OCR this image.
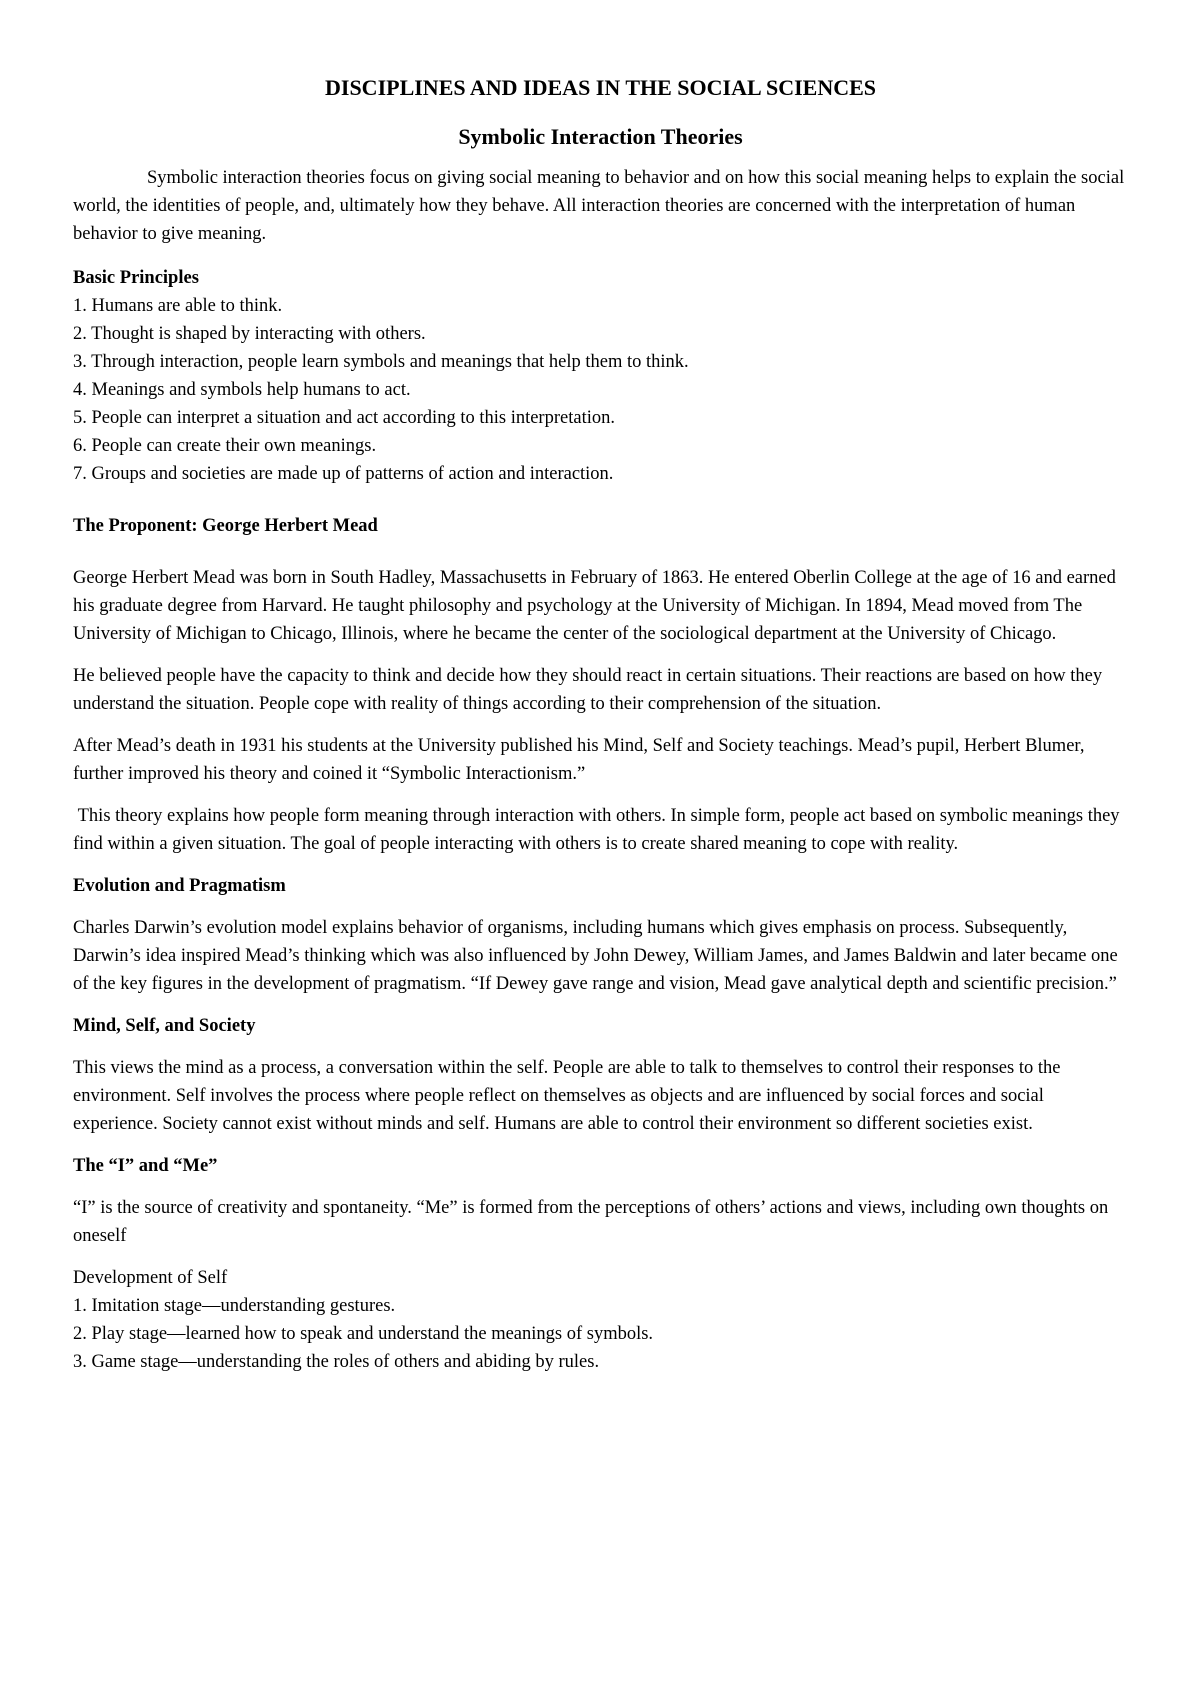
DISCIPLINES AND IDEAS IN THE SOCIAL SCIENCES
Symbolic Interaction Theories

Symbolic interaction theories focus on giving social meaning to behavior and on how this social meaning helps to explain the social world, the identities of people, and, ultimately how they behave. All interaction theories are concerned with the interpretation of human behavior to give meaning.

Basic Principles
1. Humans are able to think.
2. Thought is shaped by interacting with others.
3. Through interaction, people learn symbols and meanings that help them to think.
4. Meanings and symbols help humans to act.
5. People can interpret a situation and act according to this interpretation.
6. People can create their own meanings.
7. Groups and societies are made up of patterns of action and interaction.
The Proponent: George Herbert Mead

George Herbert Mead was born in South Hadley, Massachusetts in February of 1863. He entered Oberlin College at the age of 16 and earned his graduate degree from Harvard. He taught philosophy and psychology at the University of Michigan. In 1894, Mead moved from The University of Michigan to Chicago, Illinois, where he became the center of the sociological department at the University of Chicago.

He believed people have the capacity to think and decide how they should react in certain situations. Their reactions are based on how they understand the situation. People cope with reality of things according to their comprehension of the situation.

After Mead’s death in 1931 his students at the University published his Mind, Self and Society teachings. Mead’s pupil, Herbert Blumer, further improved his theory and coined it “Symbolic Interactionism.”

This theory explains how people form meaning through interaction with others. In simple form, people act based on symbolic meanings they find within a given situation. The goal of people interacting with others is to create shared meaning to cope with reality.

Evolution and Pragmatism

Charles Darwin’s evolution model explains behavior of organisms, including humans which gives emphasis on process. Subsequently, Darwin’s idea inspired Mead’s thinking which was also influenced by John Dewey, William James, and James Baldwin and later became one of the key figures in the development of pragmatism. “If Dewey gave range and vision, Mead gave analytical depth and scientific precision.”

Mind, Self, and Society

This views the mind as a process, a conversation within the self. People are able to talk to themselves to control their responses to the environment. Self involves the process where people reflect on themselves as objects and are influenced by social forces and social experience. Society cannot exist without minds and self. Humans are able to control their environment so different societies exist.

The “I” and “Me”

“I” is the source of creativity and spontaneity. “Me” is formed from the perceptions of others’ actions and views, including own thoughts on oneself

Development of Self

1. Imitation stage—understanding gestures.
2. Play stage—learned how to speak and understand the meanings of symbols.
3. Game stage—understanding the roles of others and abiding by rules.
